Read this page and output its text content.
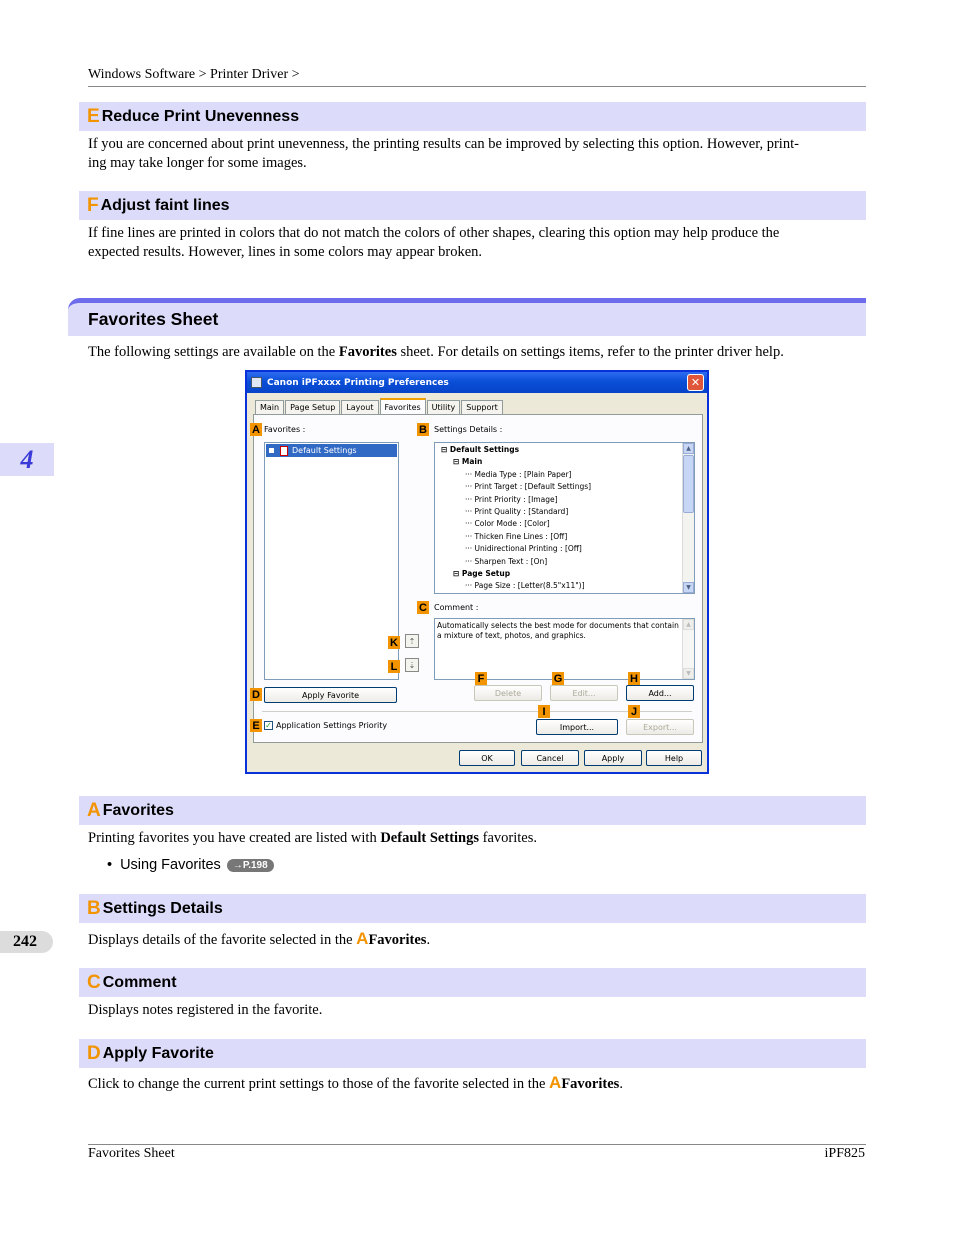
Windows Software > Printer Driver >
E Reduce Print Unevenness
If you are concerned about print unevenness, the printing results can be improved by selecting this option. However, print-
ing may take longer for some images.
F Adjust faint lines
If fine lines are printed in colors that do not match the colors of other shapes, clearing this option may help produce the
expected results. However, lines in some colors may appear broken.
Favorites Sheet
The following settings are available on the Favorites sheet. For details on settings items, refer to the printer driver help.
4
Canon iPFxxxx Printing Preferences	✕
Main	Page Setup	Layout	Favorites	Utility	Support
A Favorites :	B Settings Details :
Default Settings	⊟ Default Settings
⊟ Main
··· Media Type : [Plain Paper]
··· Print Target : [Default Settings]
··· Print Priority : [Image]
··· Print Quality : [Standard]
··· Color Mode : [Color]
··· Thicken Fine Lines : [Off]
··· Unidirectional Printing : [Off]
··· Sharpen Text : [On]
⊟ Page Setup
··· Page Size : [Letter(8.5"x11")]
▲
▼
C Comment :
Automatically selects the best mode for documents that contain a mixture of text, photos, and graphics.
▲
▼
K	⇡
L	⇣
F	G	H
D	Apply Favorite	Delete	Edit...	Add...
I	J
E ✓ Application Settings Priority	Import...	Export...
OK	Cancel	Apply	Help
A Favorites
Printing favorites you have created are listed with Default Settings favorites.
• Using Favorites	→P.198
B Settings Details
242	Displays details of the favorite selected in the AFavorites.
C Comment
Displays notes registered in the favorite.
D Apply Favorite
Click to change the current print settings to those of the favorite selected in the AFavorites.
Favorites Sheet	iPF825
